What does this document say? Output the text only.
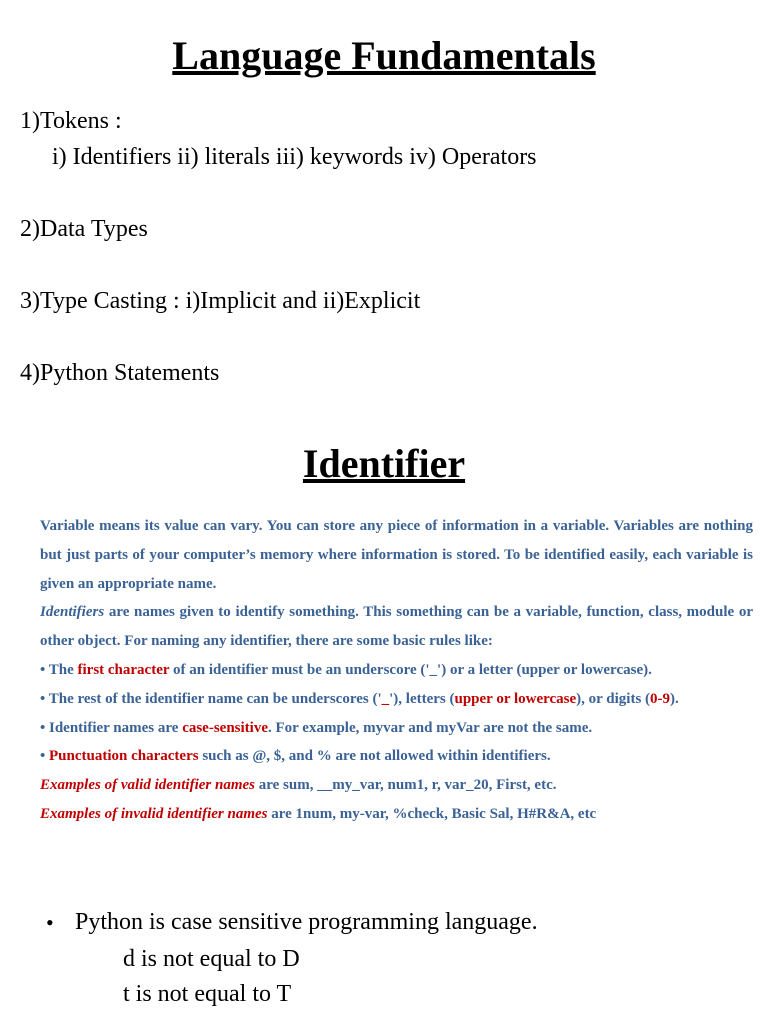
Language Fundamentals
1)Tokens :
i) Identifiers ii) literals iii) keywords iv) Operators
2)Data Types
3)Type Casting : i)Implicit and ii)Explicit
4)Python Statements
Identifier
Variable means its value can vary. You can store any piece of information in a variable. Variables are nothing but just parts of your computer’s memory where information is stored. To be identified easily, each variable is given an appropriate name.
Identifiers are names given to identify something. This something can be a variable, function, class, module or other object. For naming any identifier, there are some basic rules like:
• The first character of an identifier must be an underscore ('_') or a letter (upper or lowercase).
• The rest of the identifier name can be underscores ('_'), letters (upper or lowercase), or digits (0-9).
• Identifier names are case-sensitive. For example, myvar and myVar are not the same.
• Punctuation characters such as @, $, and % are not allowed within identifiers.
Examples of valid identifier names are sum, __my_var, num1, r, var_20, First, etc.
Examples of invalid identifier names are 1num, my-var, %check, Basic Sal, H#R&A, etc
• Python is case sensitive programming language.
d is not equal to D
t is not equal to T
